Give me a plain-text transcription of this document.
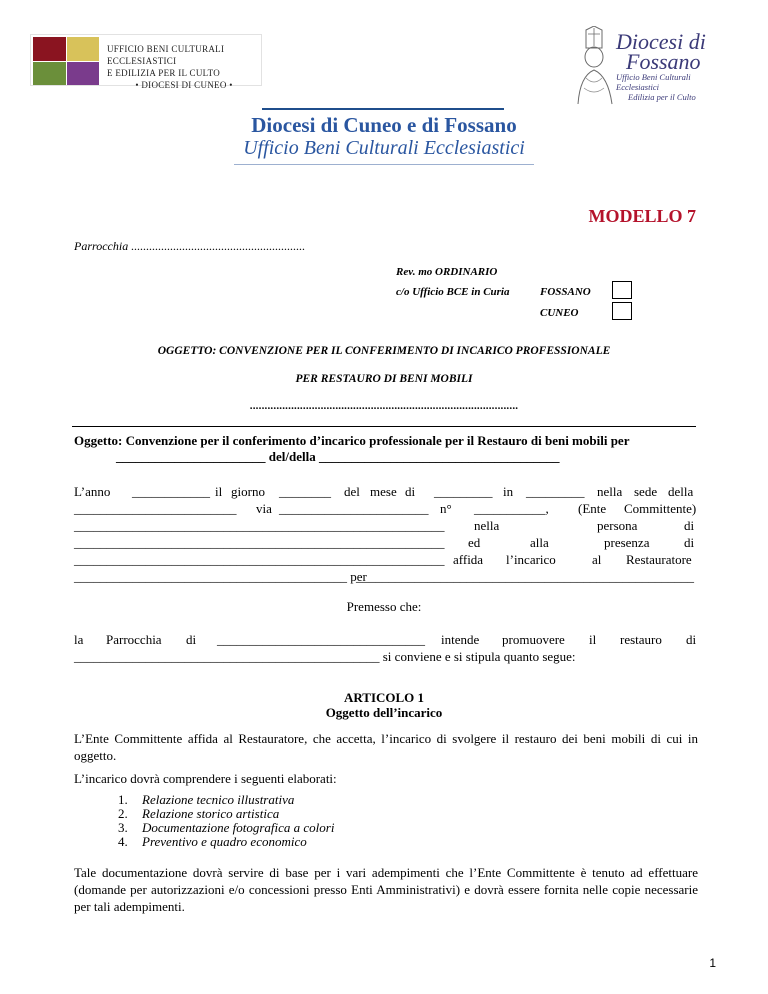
UFFICIO BENI CULTURALI ECCLESIASTICI
E EDILIZIA PER IL CULTO
• DIOCESI DI CUNEO •
Diocesi di
Fossano
Ufficio Beni Culturali Ecclesiastici
Edilizia per il Culto
Diocesi di Cuneo e di Fossano
Ufficio Beni Culturali Ecclesiastici
MODELLO 7
Parrocchia ..........................................................
Rev. mo ORDINARIO
c/o Ufficio BCE in Curia	FOSSANO
CUNEO
OGGETTO: CONVENZIONE PER IL CONFERIMENTO DI INCARICO PROFESSIONALE
PER RESTAURO DI BENI MOBILI
...........................................................................................
Oggetto: Convenzione per il conferimento d’incarico professionale per il Restauro di beni mobili per
_______________________ del/della _____________________________________
L’anno ____________ il giorno ________ del mese di _________ in _________ nella sede della
_________________________ via _______________________ n° ___________, (Ente Committente)
_________________________________________________________ nella	persona	di
_________________________________________________________ ed	alla	presenza	di
_________________________________________________________ affida l’incarico	al Restauratore
__________________________________________ per
____________________________________________________
Premesso che:
la Parrocchia di ________________________________ intende promuovere il restauro di
_______________________________________________ si conviene e si stipula quanto segue:
ARTICOLO 1
Oggetto dell’incarico
L’Ente Committente affida al Restauratore, che accetta, l’incarico di svolgere il restauro dei beni mobili di cui in oggetto.
L’incarico dovrà comprendere i seguenti elaborati:
1. Relazione tecnico illustrativa
2. Relazione storico artistica
3. Documentazione fotografica a colori
4. Preventivo e quadro economico
Tale documentazione dovrà servire di base per i vari adempimenti che l’Ente Committente è tenuto ad effettuare (domande per autorizzazioni e/o concessioni presso Enti Amministrativi) e dovrà essere fornita nelle copie necessarie per tali adempimenti.
1
